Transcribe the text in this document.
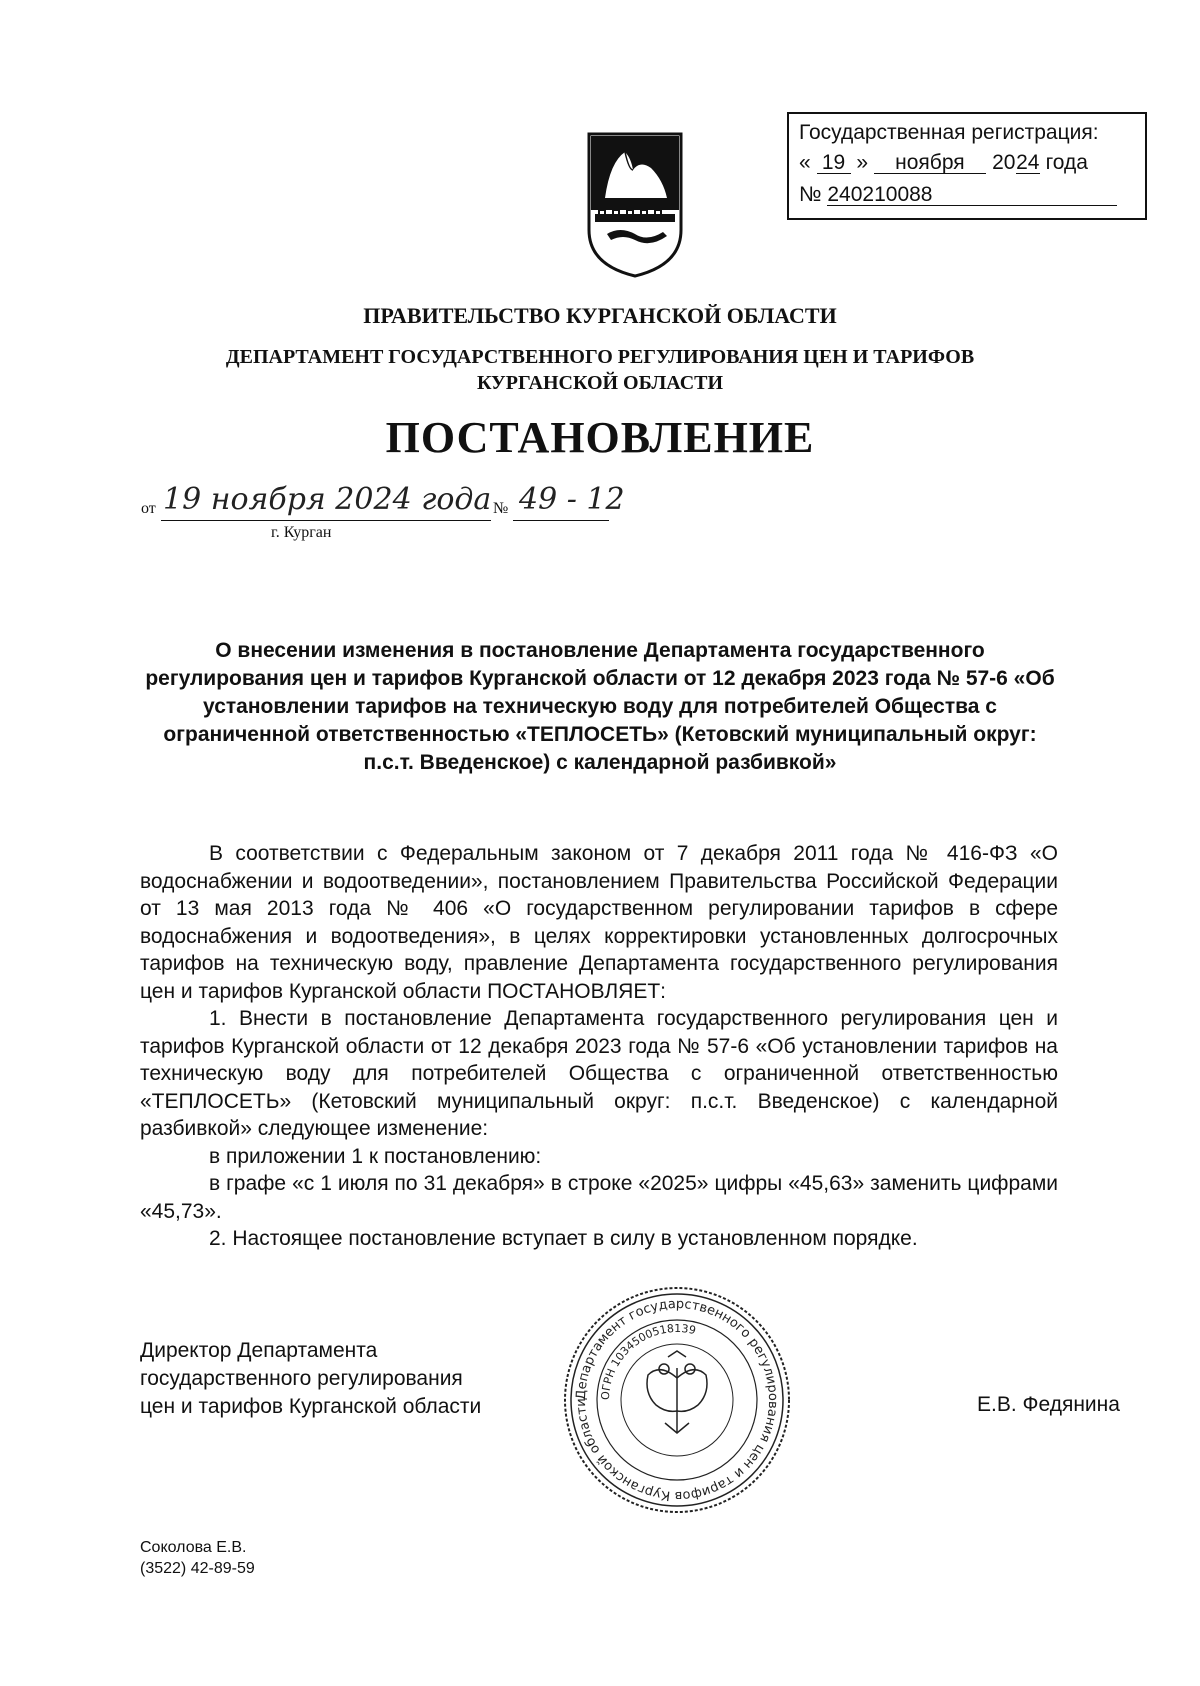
Государственная регистрация:
« 19 » ноября 2024 года
№ 240210088
ПРАВИТЕЛЬСТВО КУРГАНСКОЙ ОБЛАСТИ
ДЕПАРТАМЕНТ ГОСУДАРСТВЕННОГО РЕГУЛИРОВАНИЯ ЦЕН И ТАРИФОВ
КУРГАНСКОЙ ОБЛАСТИ
ПОСТАНОВЛЕНИЕ
от 19 ноября 2024 года № 49 - 12
г. Курган
О внесении изменения в постановление Департамента государственного регулирования цен и тарифов Курганской области от 12 декабря 2023 года № 57-6 «Об установлении тарифов на техническую воду для потребителей Общества с ограниченной ответственностью «ТЕПЛОСЕТЬ» (Кетовский муниципальный округ: п.с.т. Введенское) с календарной разбивкой»

В соответствии с Федеральным законом от 7 декабря 2011 года № 416-ФЗ «О водоснабжении и водоотведении», постановлением Правительства Российской Федерации от 13 мая 2013 года № 406 «О государственном регулировании тарифов в сфере водоснабжения и водоотведения», в целях корректировки установленных долгосрочных тарифов на техническую воду, правление Департамента государственного регулирования цен и тарифов Курганской области ПОСТАНОВЛЯЕТ:

1. Внести в постановление Департамента государственного регулирования цен и тарифов Курганской области от 12 декабря 2023 года № 57-6 «Об установлении тарифов на техническую воду для потребителей Общества с ограниченной ответственностью «ТЕПЛОСЕТЬ» (Кетовский муниципальный округ: п.с.т. Введенское) с календарной разбивкой» следующее изменение:

в приложении 1 к постановлению:

в графе «с 1 июля по 31 декабря» в строке «2025» цифры «45,63» заменить цифрами «45,73».

2. Настоящее постановление вступает в силу в установленном порядке.

Директор Департамента
государственного регулирования
цен и тарифов Курганской области	Е.В. Федянина
Департамент государственного регулирования цен и тарифов Курганской области
ОГРН 1034500518139
Соколова Е.В.
(3522) 42-89-59
